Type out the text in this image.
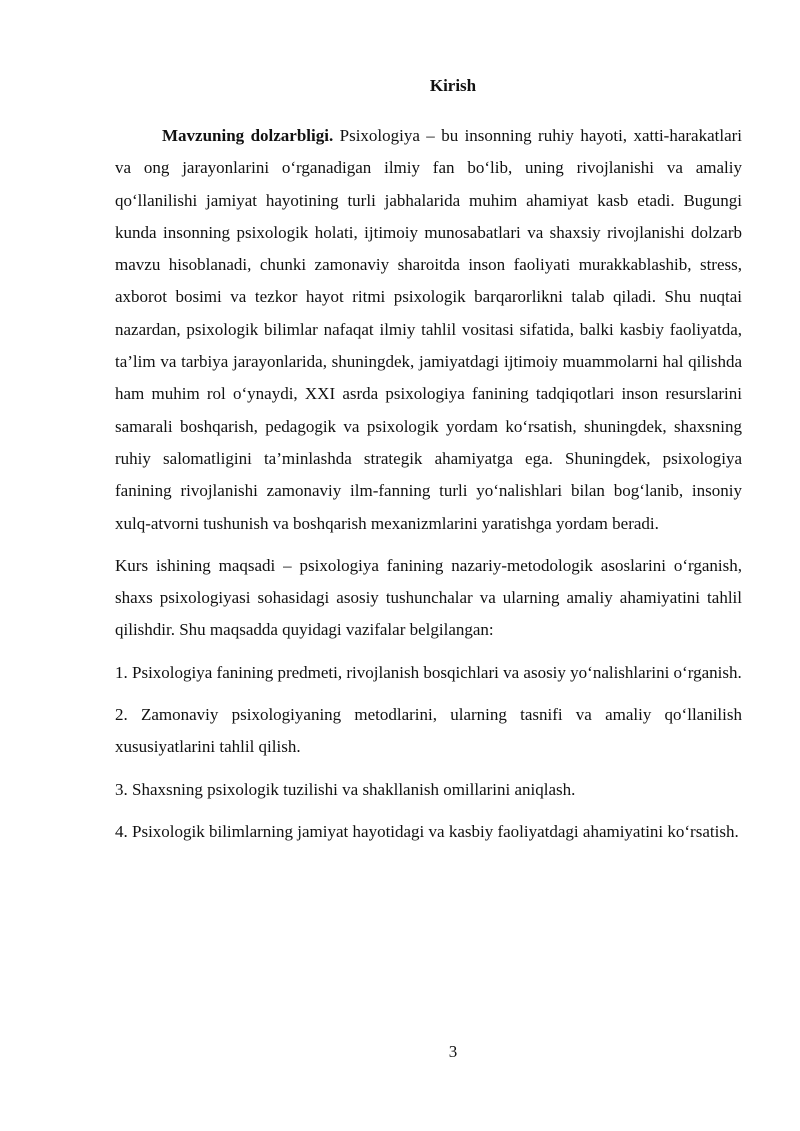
Kirish

Mavzuning dolzarbligi. Psixologiya – bu insonning ruhiy hayoti, xatti-harakatlari va ong jarayonlarini oʻrganadigan ilmiy fan boʻlib, uning rivojlanishi va amaliy qoʻllanilishi jamiyat hayotining turli jabhalarida muhim ahamiyat kasb etadi. Bugungi kunda insonning psixologik holati, ijtimoiy munosabatlari va shaxsiy rivojlanishi dolzarb mavzu hisoblanadi, chunki zamonaviy sharoitda inson faoliyati murakkablashib, stress, axborot bosimi va tezkor hayot ritmi psixologik barqarorlikni talab qiladi. Shu nuqtai nazardan, psixologik bilimlar nafaqat ilmiy tahlil vositasi sifatida, balki kasbiy faoliyatda, ta’lim va tarbiya jarayonlarida, shuningdek, jamiyatdagi ijtimoiy muammolarni hal qilishda ham muhim rol oʻynaydi, XXI asrda psixologiya fanining tadqiqotlari inson resurslarini samarali boshqarish, pedagogik va psixologik yordam koʻrsatish, shuningdek, shaxsning ruhiy salomatligini ta’minlashda strategik ahamiyatga ega. Shuningdek, psixologiya fanining rivojlanishi zamonaviy ilm-fanning turli yoʻnalishlari bilan bogʻlanib, insoniy xulq-atvorni tushunish va boshqarish mexanizmlarini yaratishga yordam beradi.

Kurs ishining maqsadi – psixologiya fanining nazariy-metodologik asoslarini oʻrganish, shaxs psixologiyasi sohasidagi asosiy tushunchalar va ularning amaliy ahamiyatini tahlil qilishdir. Shu maqsadda quyidagi vazifalar belgilangan:

1. Psixologiya fanining predmeti, rivojlanish bosqichlari va asosiy yoʻnalishlarini oʻrganish.

2. Zamonaviy psixologiyaning metodlarini, ularning tasnifi va amaliy qoʻllanilish xususiyatlarini tahlil qilish.

3. Shaxsning psixologik tuzilishi va shakllanish omillarini aniqlash.

4. Psixologik bilimlarning jamiyat hayotidagi va kasbiy faoliyatdagi ahamiyatini koʻrsatish.

3
